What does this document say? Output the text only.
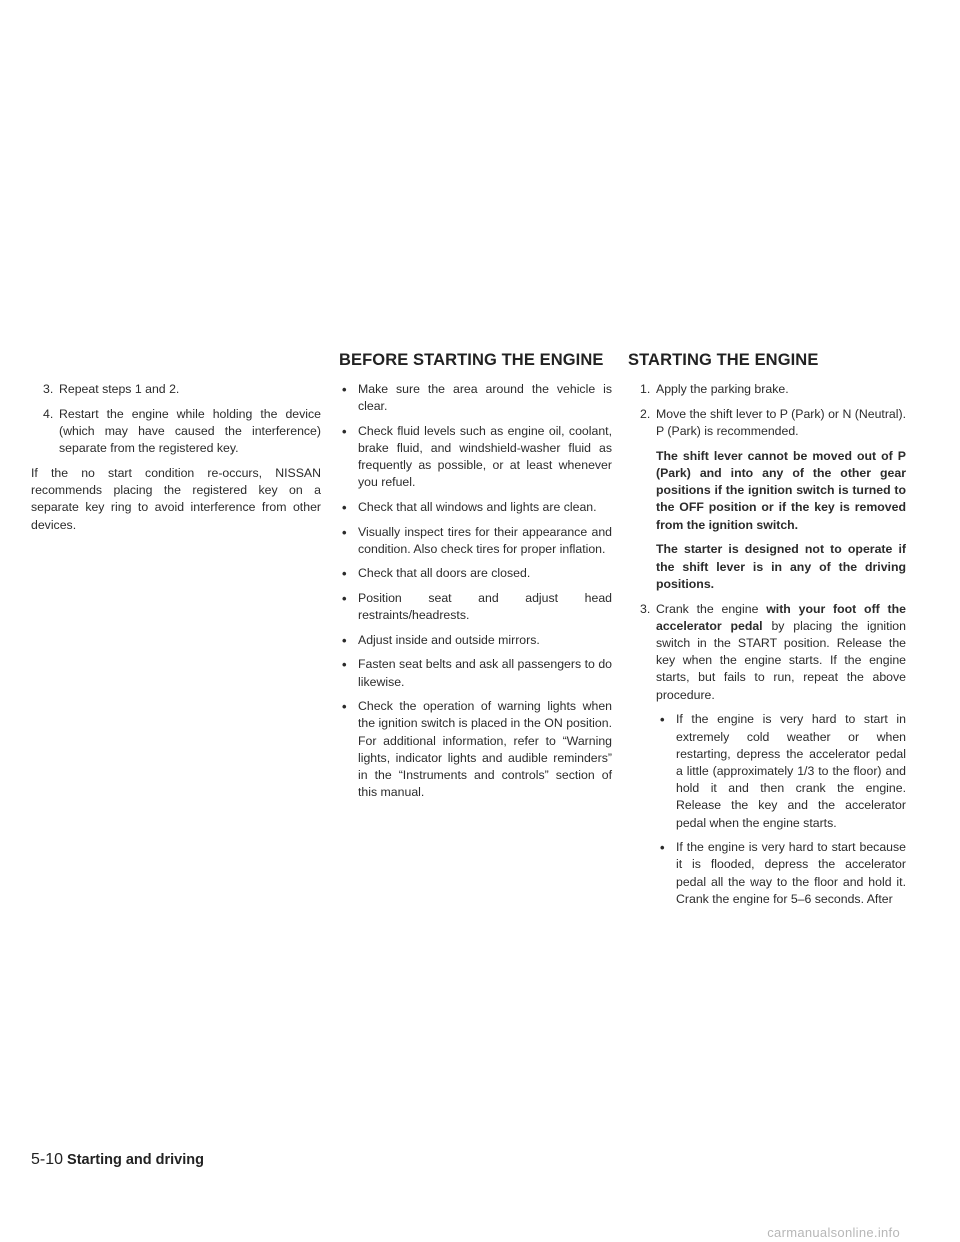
BEFORE STARTING THE ENGINE STARTING THE ENGINE
3. Repeat steps 1 and 2.
4. Restart the engine while holding the device (which may have caused the interference) separate from the registered key.

If the no start condition re-occurs, NISSAN recommends placing the registered key on a separate key ring to avoid interference from other devices.

• Make sure the area around the vehicle is clear.
• Check fluid levels such as engine oil, coolant, brake fluid, and windshield-washer fluid as frequently as possible, or at least whenever you refuel.
• Check that all windows and lights are clean.
• Visually inspect tires for their appearance and condition. Also check tires for proper inflation.
• Check that all doors are closed.
• Position seat and adjust head restraints/headrests.
• Adjust inside and outside mirrors.
• Fasten seat belts and ask all passengers to do likewise.
• Check the operation of warning lights when the ignition switch is placed in the ON position. For additional information, refer to “Warning lights, indicator lights and audible reminders” in the “Instruments and controls” section of this manual.
1. Apply the parking brake.
2. Move the shift lever to P (Park) or N (Neutral). P (Park) is recommended.
The shift lever cannot be moved out of P (Park) and into any of the other gear positions if the ignition switch is turned to the OFF position or if the key is removed from the ignition switch.
The starter is designed not to operate if the shift lever is in any of the driving positions.
3. Crank the engine with your foot off the accelerator pedal by placing the ignition switch in the START position. Release the key when the engine starts. If the engine starts, but fails to run, repeat the above procedure.
• If the engine is very hard to start in extremely cold weather or when restarting, depress the accelerator pedal a little (approximately 1/3 to the floor) and hold it and then crank the engine. Release the key and the accelerator pedal when the engine starts.
• If the engine is very hard to start because it is flooded, depress the accelerator pedal all the way to the floor and hold it. Crank the engine for 5–6 seconds. After
5-10 Starting and driving
carmanualsonline.info
